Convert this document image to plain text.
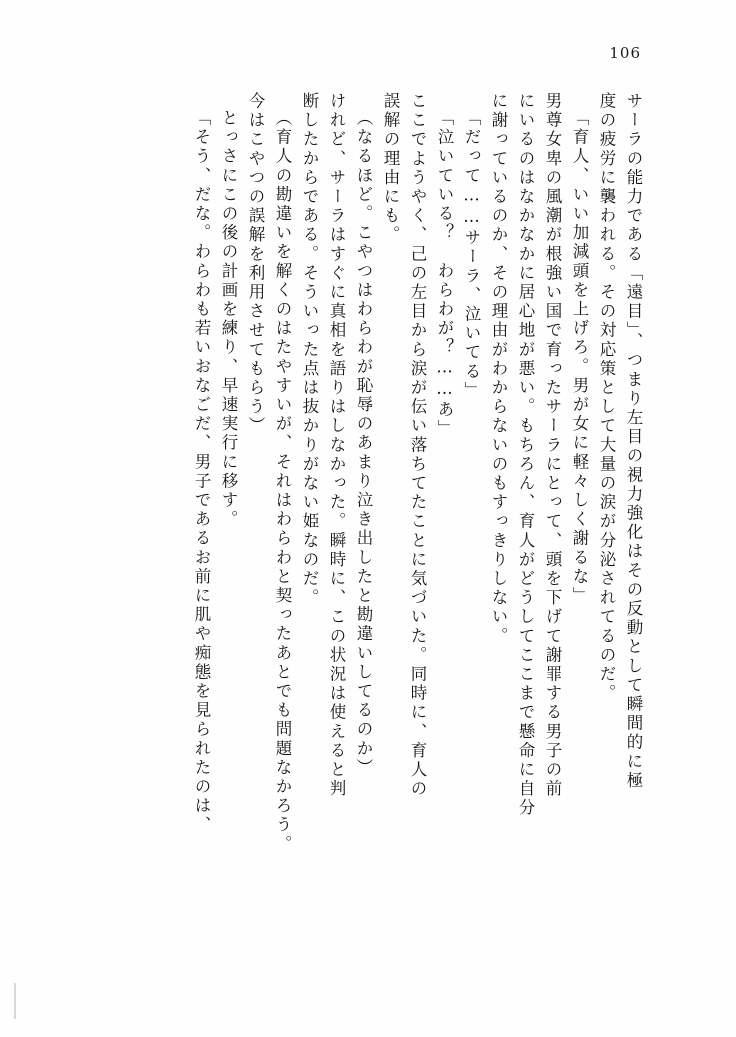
106
サーラの能力である「遠目」、つまり左目の視力強化はその反動として瞬間的に極
度の疲労に襲われる。その対応策として大量の涙が分泌されてるのだ。
「育人、いい加減頭を上げろ。男が女に軽々しく謝るな」
男尊女卑の風潮が根強い国で育ったサーラにとって、頭を下げて謝罪する男子の前
にいるのはなかなかに居心地が悪い。もちろん、育人がどうしてここまで懸命に自分
に謝っているのか、その理由がわからないのもすっきりしない。
「だって……サーラ、泣いてる」
「泣いている？　わらわが？……あ」
ここでようやく、己の左目から涙が伝い落ちてたことに気づいた。同時に、育人の
誤解の理由にも。
（なるほど。こやつはわらわが恥辱のあまり泣き出したと勘違いしてるのか）
けれど、サーラはすぐに真相を語りはしなかった。瞬時に、この状況は使えると判
断したからである。そういった点は抜かりがない姫なのだ。
（育人の勘違いを解くのはたやすいが、それはわらわと契ったあとでも問題なかろう。
今はこやつの誤解を利用させてもらう）
とっさにこの後の計画を練り、早速実行に移す。
「そう、だな。わらわも若いおなごだ、男子であるお前に肌や痴態を見られたのは、
